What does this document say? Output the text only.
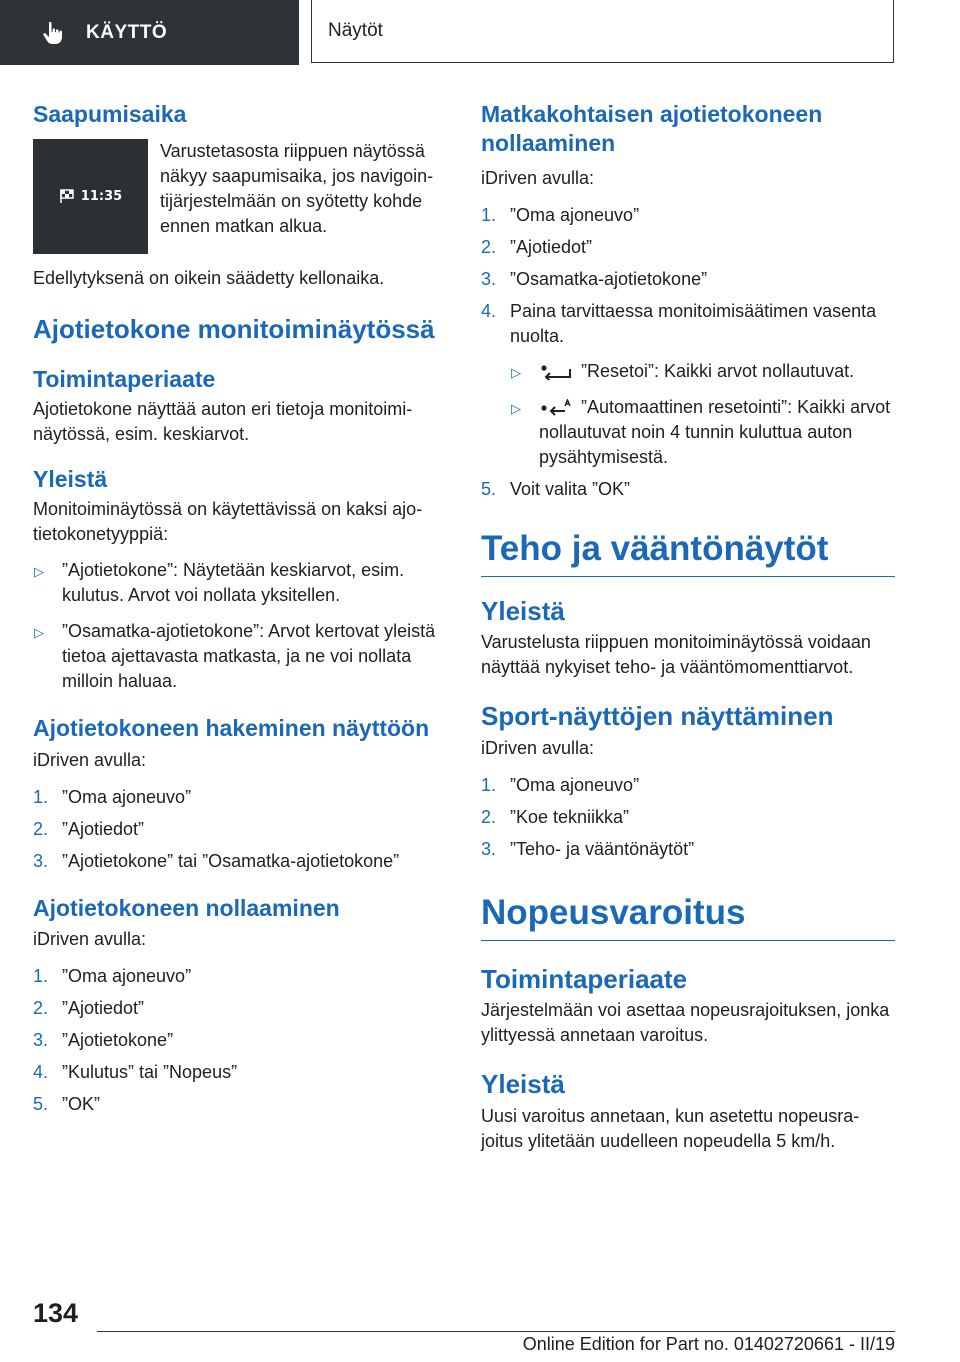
KÄYTTÖ	Näytöt
Saapumisaika
11:35

Varustetasosta riippuen näytössä näkyy saapumisaika, jos navigointijärjestelmään on syötetty kohde ennen matkan alkua.

Edellytyksenä on oikein säädetty kellonaika.

Ajotietokone monitoiminäytössä
Toimintaperiaate

Ajotietokone näyttää auton eri tietoja monitoiminäytössä, esim. keskiarvot.

Yleistä

Monitoiminäytössä on käytettävissä on kaksi ajotietokonetyyppiä:

▷ ”Ajotietokone”: Näytetään keskiarvot, esim. kulutus. Arvot voi nollata yksitellen.
▷ ”Osamatka-ajotietokone”: Arvot kertovat yleistä tietoa ajettavasta matkasta, ja ne voi nollata milloin haluaa.
Ajotietokoneen hakeminen näyttöön

iDriven avulla:

1. ”Oma ajoneuvo”
2. ”Ajotiedot”
3. ”Ajotietokone” tai ”Osamatka-ajotietokone”
Ajotietokoneen nollaaminen

iDriven avulla:

1. ”Oma ajoneuvo”
2. ”Ajotiedot”
3. ”Ajotietokone”
4. ”Kulutus” tai ”Nopeus”
5. ”OK”
Matkakohtaisen ajotietokoneen nollaaminen

iDriven avulla:

1. ”Oma ajoneuvo”
2. ”Ajotiedot”
3. ”Osamatka-ajotietokone”
4. Paina tarvittaessa monitoimisäätimen vasenta nuolta.
▷	”Resetoi”: Kaikki arvot nollautuvat.
▷	”Automaattinen resetointi”: Kaikki arvot nollautuvat noin 4 tunnin kuluttua auton pysähtymisestä.
5. Voit valita ”OK”
Teho ja vääntönäytöt
Yleistä

Varustelusta riippuen monitoiminäytössä voidaan näyttää nykyiset teho- ja vääntömomenttiarvot.

Sport-näyttöjen näyttäminen

iDriven avulla:

1. ”Oma ajoneuvo”
2. ”Koe tekniikka”
3. ”Teho- ja vääntönäytöt”
Nopeusvaroitus
Toimintaperiaate

Järjestelmään voi asettaa nopeusrajoituksen, jonka ylittyessä annetaan varoitus.

Yleistä

Uusi varoitus annetaan, kun asetettu nopeusrajoitus ylitetään uudelleen nopeudella 5 km/h.

134
Online Edition for Part no. 01402720661 - II/19
